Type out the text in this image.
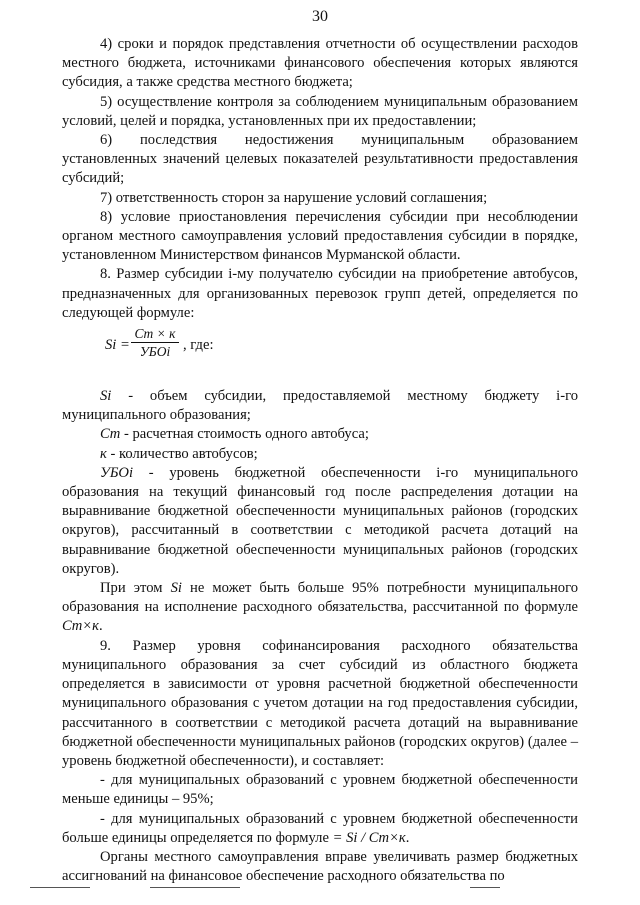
30

4) сроки и порядок представления отчетности об осуществлении расходов местного бюджета, источниками финансового обеспечения которых являются субсидия, а также средства местного бюджета;

5) осуществление контроля за соблюдением муниципальным образованием условий, целей и порядка, установленных при их предоставлении;

6) последствия недостижения муниципальным образованием установленных значений целевых показателей результативности предоставления субсидий;

7) ответственность сторон за нарушение условий соглашения;

8) условие приостановления перечисления субсидии при несоблюдении органом местного самоуправления условий предоставления субсидии в порядке, установленном Министерством финансов Мурманской области.

8. Размер субсидии i-му получателю субсидии на приобретение автобусов, предназначенных для организованных перевозок групп детей, определяется по следующей формуле:

Si =
Cт × к
УБОi , где:

Si - объем субсидии, предоставляемой местному бюджету i-го муниципального образования;

Cт - расчетная стоимость одного автобуса;

к - количество автобусов;

УБОi - уровень бюджетной обеспеченности i-го муниципального образования на текущий финансовый год после распределения дотации на выравнивание бюджетной обеспеченности муниципальных районов (городских округов), рассчитанный в соответствии с методикой расчета дотаций на выравнивание бюджетной обеспеченности муниципальных районов (городских округов).

При этом Si не может быть больше 95% потребности муниципального образования на исполнение расходного обязательства, рассчитанной по формуле Cт×к.

9. Размер уровня софинансирования расходного обязательства муниципального образования за счет субсидий из областного бюджета определяется в зависимости от уровня расчетной бюджетной обеспеченности муниципального образования с учетом дотации на год предоставления субсидии, рассчитанного в соответствии с методикой расчета дотаций на выравнивание бюджетной обеспеченности муниципальных районов (городских округов) (далее – уровень бюджетной обеспеченности), и составляет:

- для муниципальных образований с уровнем бюджетной обеспеченности меньше единицы – 95%;

- для муниципальных образований с уровнем бюджетной обеспеченности больше единицы определяется по формуле = Si / Cт×к.

Органы местного самоуправления вправе увеличивать размер бюджетных ассигнований на финансовое обеспечение расходного обязательства по
